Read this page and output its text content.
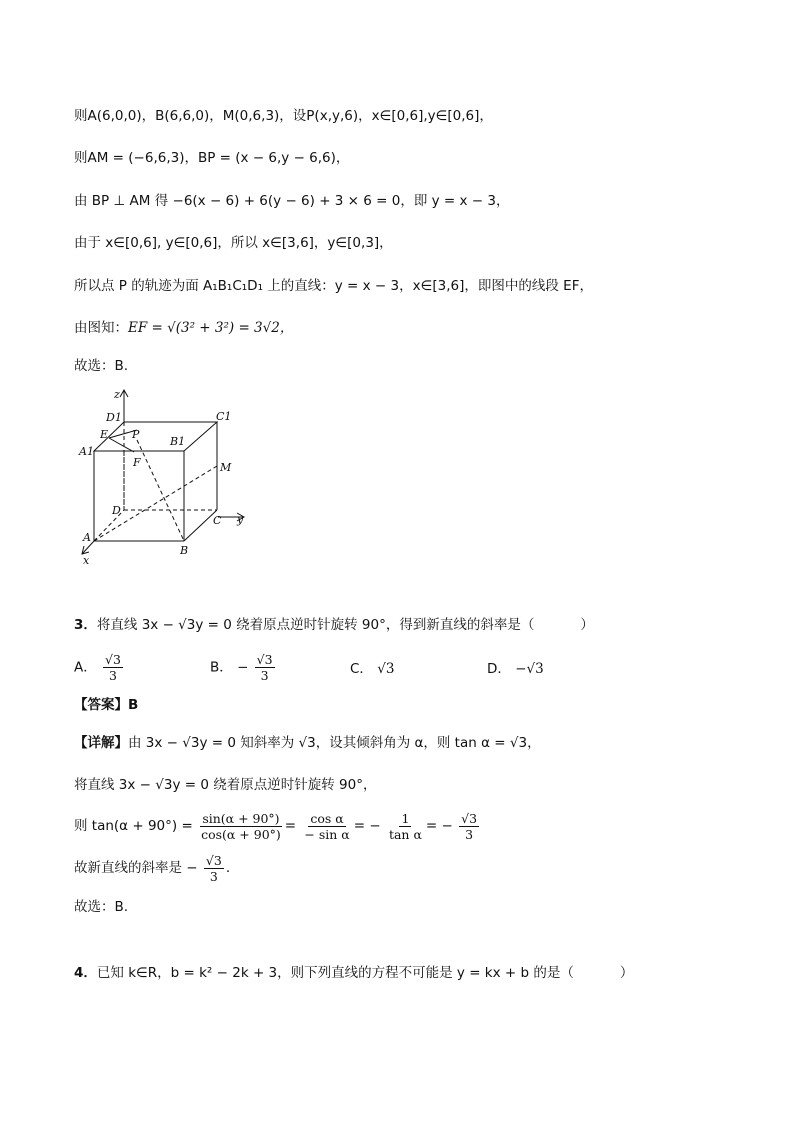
则A(6,0,0)，B(6,6,0)，M(0,6,3)，设P(x,y,6)，x∈[0,6],y∈[0,6]，
则AM = (−6,6,3)，BP = (x − 6,y − 6,6)，
由 BP ⊥ AM 得 −6(x − 6) + 6(y − 6) + 3 × 6 = 0，即 y = x − 3，
由于 x∈[0,6], y∈[0,6]，所以 x∈[3,6]，y∈[0,3]，
所以点 P 的轨迹为面 A₁B₁C₁D₁ 上的直线：y = x − 3，x∈[3,6]，即图中的线段 EF，
由图知：EF = √(3² + 3²) = 3√2，
故选：B.
z
D1	C1
E P
B1
A1
F	M
D
C y
A
B
x
3．将直线 3x − √3y = 0 绕着原点逆时针旋转 90°，得到新直线的斜率是（	）
A． $\frac{√3}{3}$	B． − $\frac{√3}{3}$	C． √3	D． −√3
【答案】B
【详解】由 3x − √3y = 0 知斜率为 √3，设其倾斜角为 α，则 tan α = √3，
将直线 3x − √3y = 0 绕着原点逆时针旋转 90°，
则 $\tan(\alpha + 90^\circ) = \frac{\sin(\alpha + 90^\circ)}{\cos(\alpha + 90^\circ)} = \frac{\text{cos α}}{\text{− sin α}}$ = − $\frac{1}{\text{tan α}}$ = − $\frac{√3}{3}$
故新直线的斜率是 − $\frac{√3}{3}$ .
故选：B.
4．已知 k∈R，b = k² − 2k + 3，则下列直线的方程不可能是 y = kx + b 的是（	）
